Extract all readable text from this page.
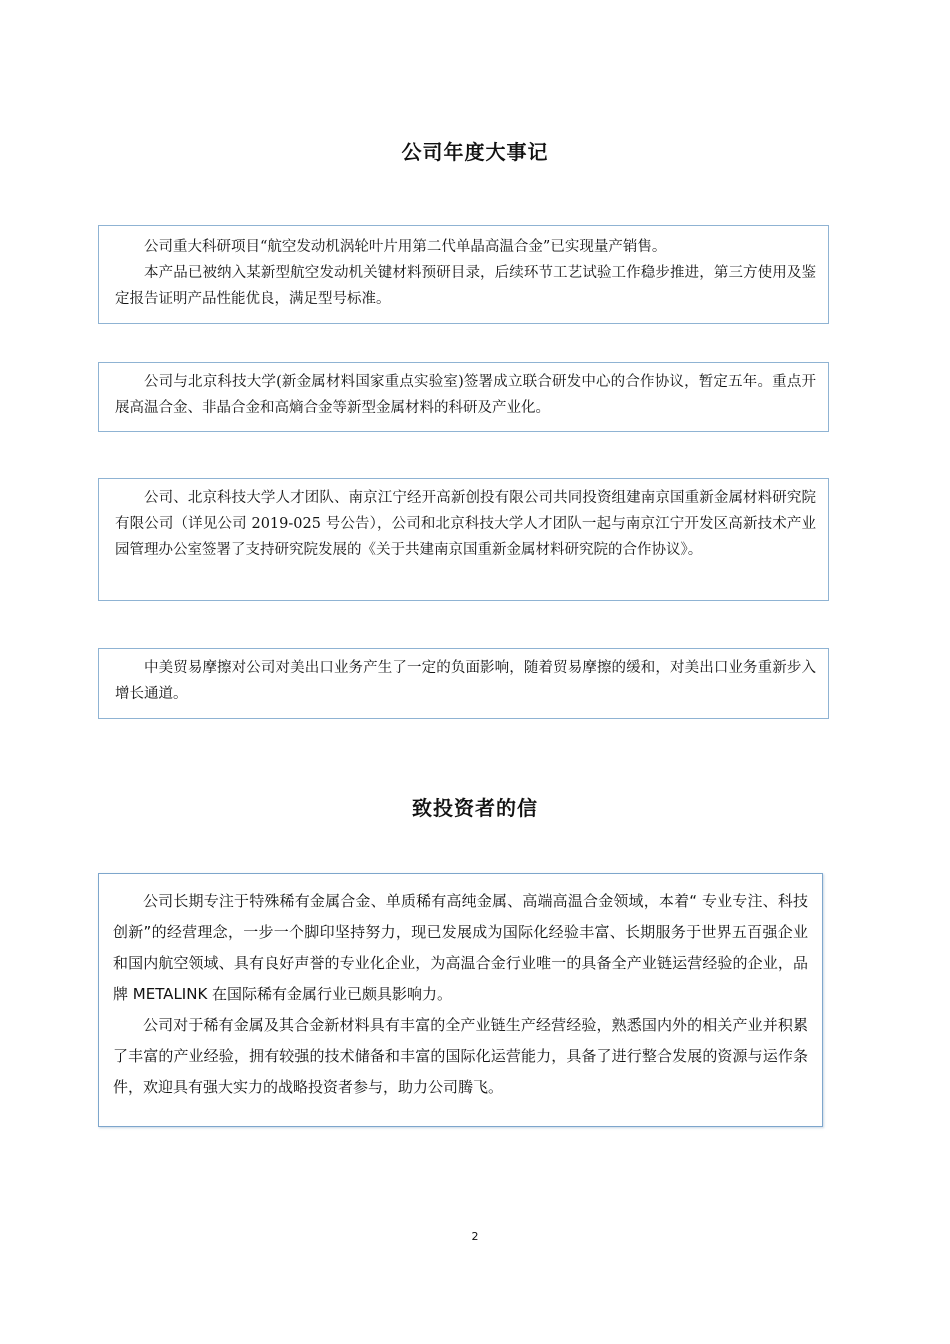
公司年度大事记

公司重大科研项目“航空发动机涡轮叶片用第二代单晶高温合金”已实现量产销售。

本产品已被纳入某新型航空发动机关键材料预研目录，后续环节工艺试验工作稳步推进，第三方使用及鉴定报告证明产品性能优良，满足型号标准。

公司与北京科技大学(新金属材料国家重点实验室)签署成立联合研发中心的合作协议，暂定五年。重点开展高温合金、非晶合金和高熵合金等新型金属材料的科研及产业化。

公司、北京科技大学人才团队、南京江宁经开高新创投有限公司共同投资组建南京国重新金属材料研究院有限公司（详见公司 2019-025 号公告），公司和北京科技大学人才团队一起与南京江宁开发区高新技术产业园管理办公室签署了支持研究院发展的《关于共建南京国重新金属材料研究院的合作协议》。

中美贸易摩擦对公司对美出口业务产生了一定的负面影响，随着贸易摩擦的缓和，对美出口业务重新步入增长通道。

致投资者的信

公司长期专注于特殊稀有金属合金、单质稀有高纯金属、高端高温合金领域，本着“ 专业专注、科技创新”的经营理念，一步一个脚印坚持努力，现已发展成为国际化经验丰富、长期服务于世界五百强企业和国内航空领域、具有良好声誉的专业化企业，为高温合金行业唯一的具备全产业链运营经验的企业，品牌 METALINK 在国际稀有金属行业已颇具影响力。

公司对于稀有金属及其合金新材料具有丰富的全产业链生产经营经验，熟悉国内外的相关产业并积累了丰富的产业经验，拥有较强的技术储备和丰富的国际化运营能力，具备了进行整合发展的资源与运作条件，欢迎具有强大实力的战略投资者参与，助力公司腾飞。

2
